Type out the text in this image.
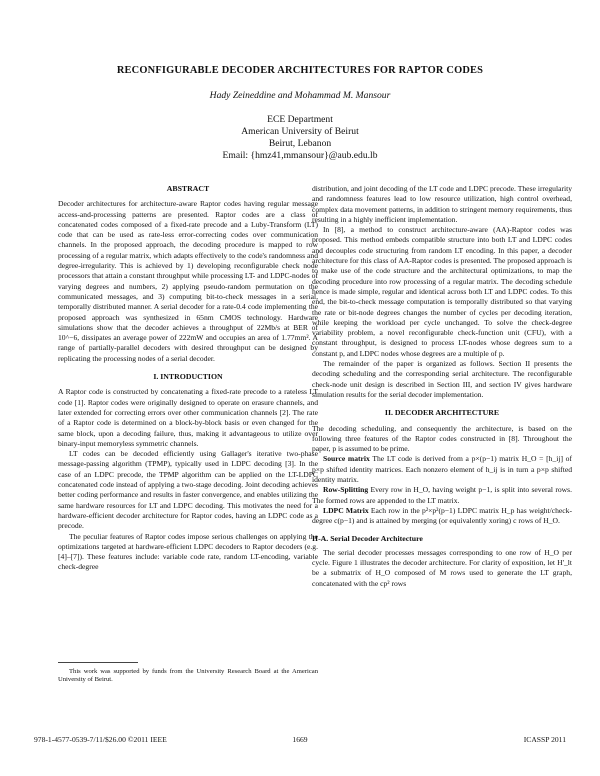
RECONFIGURABLE DECODER ARCHITECTURES FOR RAPTOR CODES
Hady Zeineddine and Mohammad M. Mansour
ECE Department
American University of Beirut
Beirut, Lebanon
Email: {hmz41,mmansour}@aub.edu.lb
ABSTRACT

Decoder architectures for architecture-aware Raptor codes having regular message access-and-processing patterns are presented. Raptor codes are a class of concatenated codes composed of a fixed-rate precode and a Luby-Transform (LT) code that can be used as rate-less error-correcting codes over communication channels. In the proposed approach, the decoding procedure is mapped to row processing of a regular matrix, which adapts effectively to the code's randomness and degree-irregularity. This is achieved by 1) developing reconfigurable check node processors that attain a constant throughput while processing LT- and LDPC-nodes of varying degrees and numbers, 2) applying pseudo-random permutation on the communicated messages, and 3) computing bit-to-check messages in a serial, temporally distributed manner. A serial decoder for a rate-0.4 code implementing the proposed approach was synthesized in 65nm CMOS technology. Hardware simulations show that the decoder achieves a throughput of 22Mb/s at BER of 10^−6, dissipates an average power of 222mW and occupies an area of 1.77mm². A range of partially-parallel decoders with desired throughput can be designed by replicating the processing nodes of a serial decoder.

I. INTRODUCTION

A Raptor code is constructed by concatenating a fixed-rate precode to a rateless LT code [1]. Raptor codes were originally designed to operate on erasure channels, and later extended for correcting errors over other communication channels [2]. The rate of a Raptor code is determined on a block-by-block basis or even changed for the same block, upon a decoding failure, thus, making it advantageous to utilize over binary-input memoryless symmetric channels.

LT codes can be decoded efficiently using Gallager's iterative two-phase message-passing algorithm (TPMP), typically used in LDPC decoding [3]. In the case of an LDPC precode, the TPMP algorithm can be applied on the LT-LDPC concatenated code instead of applying a two-stage decoding. Joint decoding achieves better coding performance and results in faster convergence, and enables utilizing the same hardware resources for LT and LDPC decoding. This motivates the need for a hardware-efficient decoder architecture for Raptor codes, having an LDPC code as a precode.

The peculiar features of Raptor codes impose serious challenges on applying the optimizations targeted at hardware-efficient LDPC decoders to Raptor decoders (e.g. [4]–[7]). These features include: variable code rate, random LT-encoding, variable check-degree

This work was supported by funds from the University Research Board at the American University of Beirut.

distribution, and joint decoding of the LT code and LDPC precode. These irregularity and randomness features lead to low resource utilization, high control overhead, complex data movement patterns, in addition to stringent memory requirements, thus resulting in a highly inefficient implementation.

In [8], a method to construct architecture-aware (AA)-Raptor codes was proposed. This method embeds compatible structure into both LT and LDPC codes and decouples code structuring from random LT encoding. In this paper, a decoder architecture for this class of AA-Raptor codes is presented. The proposed approach is to make use of the code structure and the architectural optimizations, to map the decoding procedure into row processing of a regular matrix. The decoding schedule hence is made simple, regular and identical across both LT and LDPC codes. To this end, the bit-to-check message computation is temporally distributed so that varying the rate or bit-node degrees changes the number of cycles per decoding iteration, while keeping the workload per cycle unchanged. To solve the check-degree variability problem, a novel reconfigurable check-function unit (CFU), with a constant throughput, is designed to process LT-nodes whose degrees sum to a constant p, and LDPC nodes whose degrees are a multiple of p.

The remainder of the paper is organized as follows. Section II presents the decoding scheduling and the corresponding serial architecture. The reconfigurable check-node unit design is described in Section III, and section IV gives hardware simulation results for the serial decoder implementation.

II. DECODER ARCHITECTURE

The decoding scheduling, and consequently the architecture, is based on the following three features of the Raptor codes constructed in [8]. Throughout the paper, p is assumed to be prime.

Source matrix The LT code is derived from a p×(p−1) matrix H_O = [h_ij] of p×p shifted identity matrices. Each nonzero element of h_ij is in turn a p×p shifted identity matrix.

Row-Splitting Every row in H_O, having weight p−1, is split into several rows. The formed rows are appended to the LT matrix.

LDPC Matrix Each row in the p²×p²(p−1) LDPC matrix H_p has weight/check-degree c(p−1) and is attained by merging (or equivalently xoring) c rows of H_O.

II-A. Serial Decoder Architecture

The serial decoder processes messages corresponding to one row of H_O per cycle. Figure 1 illustrates the decoder architecture. For clarity of exposition, let H'_lt be a submatrix of H_O composed of M rows used to generate the LT graph, concatenated with the cp² rows

978-1-4577-0539-7/11/$26.00 ©2011 IEEE	1669	ICASSP 2011
